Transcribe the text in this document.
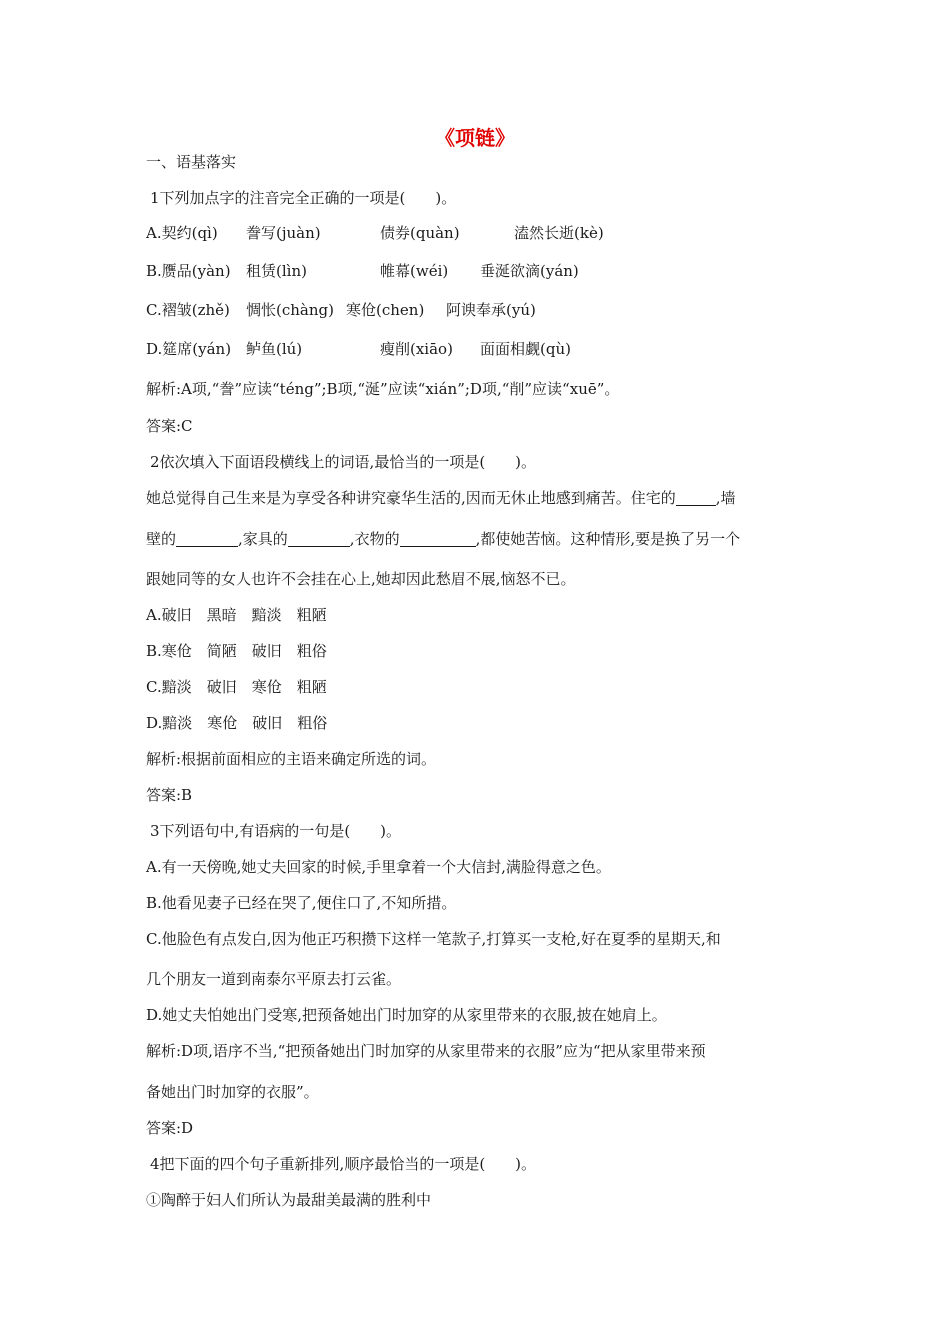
《项链》
一、语基落实
1下列加点字的注音完全正确的一项是(　　)。
A.契约(qì) 誊写(juàn)	债券(quàn)	溘然长逝(kè)
B.赝品(yàn) 租赁(lìn)	帷幕(wéi) 垂涎欲滴(yán)
C.褶皱(zhě) 惆怅(chàng) 寒伧(chen) 阿谀奉承(yú)
D.筵席(yán) 鲈鱼(lú)	瘦削(xiāo) 面面相觑(qù)
解析:A项,“誊”应读“téng”;B项,“涎”应读“xián”;D项,“削”应读“xuē”。
答案:C
2依次填入下面语段横线上的词语,最恰当的一项是(　　)。
她总觉得自己生来是为享受各种讲究豪华生活的,因而无休止地感到痛苦。住宅的	,墙
壁的	,家具的	,衣物的	,都使她苦恼。这种情形,要是换了另一个
跟她同等的女人也许不会挂在心上,她却因此愁眉不展,恼怒不已。
A.破旧　黑暗　黯淡　粗陋
B.寒伧　简陋　破旧　粗俗
C.黯淡　破旧　寒伧　粗陋
D.黯淡　寒伧　破旧　粗俗
解析:根据前面相应的主语来确定所选的词。
答案:B
3下列语句中,有语病的一句是(　　)。
A.有一天傍晚,她丈夫回家的时候,手里拿着一个大信封,满脸得意之色。
B.他看见妻子已经在哭了,便住口了,不知所措。
C.他脸色有点发白,因为他正巧积攒下这样一笔款子,打算买一支枪,好在夏季的星期天,和
几个朋友一道到南泰尔平原去打云雀。
D.她丈夫怕她出门受寒,把预备她出门时加穿的从家里带来的衣服,披在她肩上。
解析:D项,语序不当,“把预备她出门时加穿的从家里带来的衣服”应为“把从家里带来预
备她出门时加穿的衣服”。
答案:D
4把下面的四个句子重新排列,顺序最恰当的一项是(　　)。
①陶醉于妇人们所认为最甜美最满的胜利中
